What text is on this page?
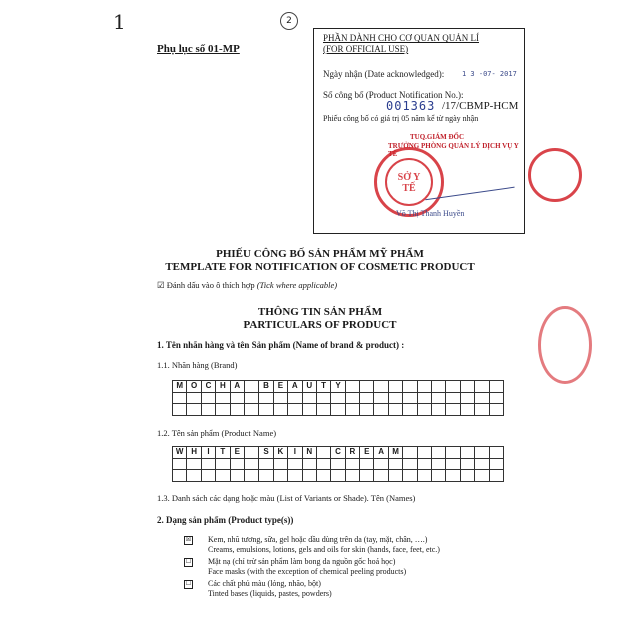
1	2
Phụ lục số 01-MP
PHẦN DÀNH CHO CƠ QUAN QUẢN LÍ
(FOR OFFICIAL USE)
Ngày nhận (Date acknowledged):	1 3 -07- 2017
Số công bố (Product Notification No.):
001363 /17/CBMP-HCM
Phiếu công bố có giá trị 05 năm kể từ ngày nhận
TUQ.GIÁM ĐỐC
TRƯỞNG PHÒNG QUẢN LÝ DỊCH VỤ Y TẾ
SỞ Y TẾ
Võ Thị Thanh Huyền
PHIẾU CÔNG BỐ SẢN PHẨM MỸ PHẨM
TEMPLATE FOR NOTIFICATION OF COSMETIC PRODUCT
☑ Đánh dấu vào ô thích hợp (Tick where applicable)
THÔNG TIN SẢN PHẨM
PARTICULARS OF PRODUCT
1. Tên nhãn hàng và tên Sản phẩm (Name of brand & product) :
1.1. Nhãn hàng (Brand)
M	O	C	H	A		B	E	A	U	T	Y											

1.2. Tên sản phẩm (Product Name)
W	H	I	T	E		S	K	I	N		C	R	E	A	M							

1.3. Danh sách các dạng hoặc màu (List of Variants or Shade). Tên (Names)
2. Dạng sản phẩm (Product type(s))
☒ Kem, nhũ tương, sữa, gel hoặc dầu dùng trên da (tay, mặt, chân, ….)
Creams, emulsions, lotions, gels and oils for skin (hands, face, feet, etc.)
☐ Mặt nạ (chỉ trừ sản phẩm làm bong da nguồn gốc hoá học)
Face masks (with the exception of chemical peeling products)
☐ Các chất phủ màu (lỏng, nhão, bột)
Tinted bases (liquids, pastes, powders)
